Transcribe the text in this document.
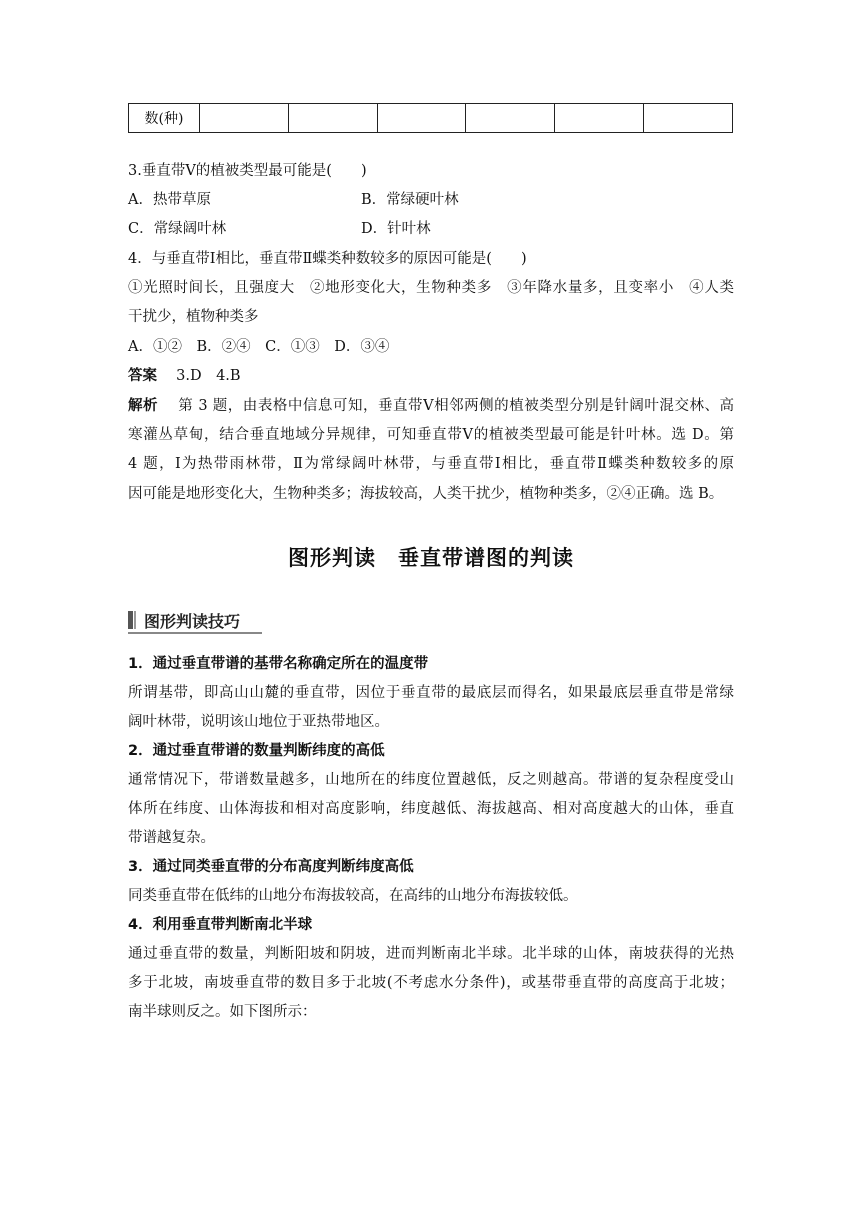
数(种)						
3.垂直带Ⅴ的植被类型最可能是(　　)
A．热带草原	B．常绿硬叶林
C．常绿阔叶林	D．针叶林
4．与垂直带Ⅰ相比，垂直带Ⅱ蝶类种数较多的原因可能是(　　)
①光照时间长，且强度大　②地形变化大，生物种类多　③年降水量多，且变率小　④人类
干扰少，植物种类多
A．①②　B．②④　C．①③　D．③④
答案　 3.D　4.B
解析　 第 3 题，由表格中信息可知，垂直带Ⅴ相邻两侧的植被类型分别是针阔叶混交林、高
寒灌丛草甸，结合垂直地域分异规律，可知垂直带Ⅴ的植被类型最可能是针叶林。选 D。第
4 题，Ⅰ为热带雨林带，Ⅱ为常绿阔叶林带，与垂直带Ⅰ相比，垂直带Ⅱ蝶类种数较多的原
因可能是地形变化大，生物种类多；海拔较高，人类干扰少，植物种类多，②④正确。选 B。
图形判读　垂直带谱图的判读
图形判读技巧
1．通过垂直带谱的基带名称确定所在的温度带
所谓基带，即高山山麓的垂直带，因位于垂直带的最底层而得名，如果最底层垂直带是常绿
阔叶林带，说明该山地位于亚热带地区。
2．通过垂直带谱的数量判断纬度的高低
通常情况下，带谱数量越多，山地所在的纬度位置越低，反之则越高。带谱的复杂程度受山
体所在纬度、山体海拔和相对高度影响，纬度越低、海拔越高、相对高度越大的山体，垂直
带谱越复杂。
3．通过同类垂直带的分布高度判断纬度高低
同类垂直带在低纬的山地分布海拔较高，在高纬的山地分布海拔较低。
4．利用垂直带判断南北半球
通过垂直带的数量，判断阳坡和阴坡，进而判断南北半球。北半球的山体，南坡获得的光热
多于北坡，南坡垂直带的数目多于北坡(不考虑水分条件)，或基带垂直带的高度高于北坡；
南半球则反之。如下图所示：
